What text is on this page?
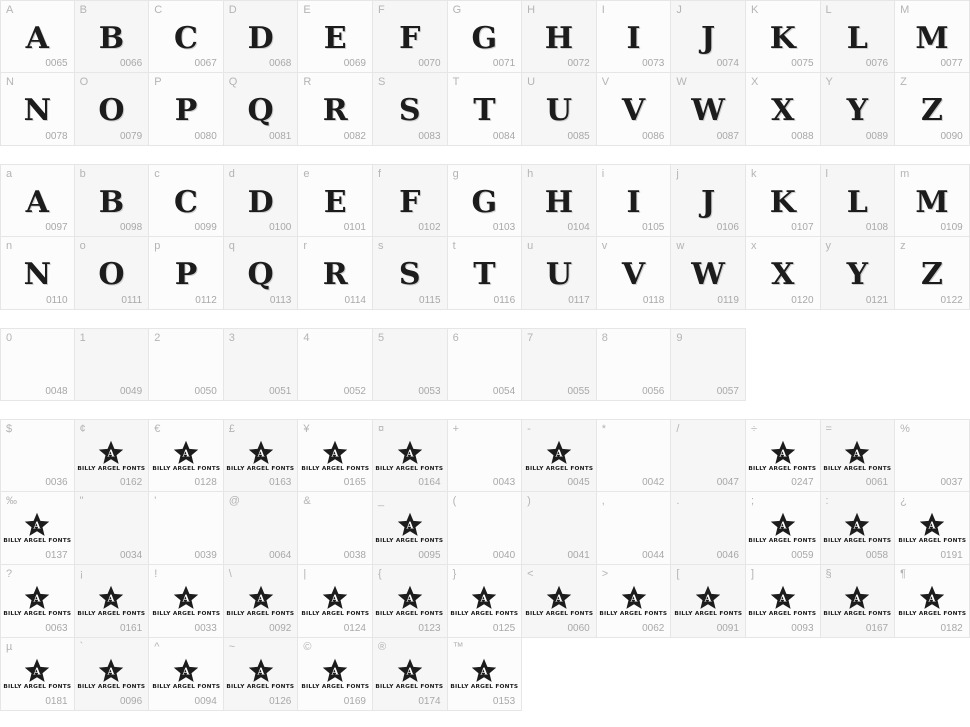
A
A
0065
B
B
0066
C
C
0067
D
D
0068
E
E
0069
F
F
0070
G
G
0071
H
H
0072
I
I
0073
J
J
0074
K
K
0075
L
L
0076
M
M
0077
N
N
0078
O
O
0079
P
P
0080
Q
Q
0081
R
R
0082
S
S
0083
T
T
0084
U
U
0085
V
V
0086
W
W
0087
X
X
0088
Y
Y
0089
Z
Z
0090
a
A
0097
b
B
0098
c
C
0099
d
D
0100
e
E
0101
f
F
0102
g
G
0103
h
H
0104
i
I
0105
j
J
0106
k
K
0107
l
L
0108
m
M
0109
n
N
0110
o
O
0111
p
P
0112
q
Q
0113
r
R
0114
s
S
0115
t
T
0116
u
U
0117
v
V
0118
w
W
0119
x
X
0120
y
Y
0121
z
Z
0122
0
0048
1
0049
2
0050
3
0051
4
0052
5
0053
6
0054
7
0055
8
0056
9
0057
$
0036
¢
A
BILLY ARGEL FONTS
0162
€
A
BILLY ARGEL FONTS
0128
£
A
BILLY ARGEL FONTS
0163
¥
A
BILLY ARGEL FONTS
0165
¤
A
BILLY ARGEL FONTS
0164
+
0043
-
A
BILLY ARGEL FONTS
0045
*
0042
/
0047
÷
A
BILLY ARGEL FONTS
0247
=
A
BILLY ARGEL FONTS
0061
%
0037
‰
A
BILLY ARGEL FONTS
0137
"
0034
'
0039
@
0064
&
0038
_
A
BILLY ARGEL FONTS
0095
(
0040
)
0041
,
0044
.
0046
;
A
BILLY ARGEL FONTS
0059
:
A
BILLY ARGEL FONTS
0058
¿
A
BILLY ARGEL FONTS
0191
?
A
BILLY ARGEL FONTS
0063
¡
A
BILLY ARGEL FONTS
0161
!
A
BILLY ARGEL FONTS
0033
\
A
BILLY ARGEL FONTS
0092
|
A
BILLY ARGEL FONTS
0124
{
A
BILLY ARGEL FONTS
0123
}
A
BILLY ARGEL FONTS
0125
<
A
BILLY ARGEL FONTS
0060
>
A
BILLY ARGEL FONTS
0062
[
A
BILLY ARGEL FONTS
0091
]
A
BILLY ARGEL FONTS
0093
§
A
BILLY ARGEL FONTS
0167
¶
A
BILLY ARGEL FONTS
0182
µ
A
BILLY ARGEL FONTS
0181
`
A
BILLY ARGEL FONTS
0096
^
A
BILLY ARGEL FONTS
0094
~
A
BILLY ARGEL FONTS
0126
©
A
BILLY ARGEL FONTS
0169
®
A
BILLY ARGEL FONTS
0174
™
A
BILLY ARGEL FONTS
0153
